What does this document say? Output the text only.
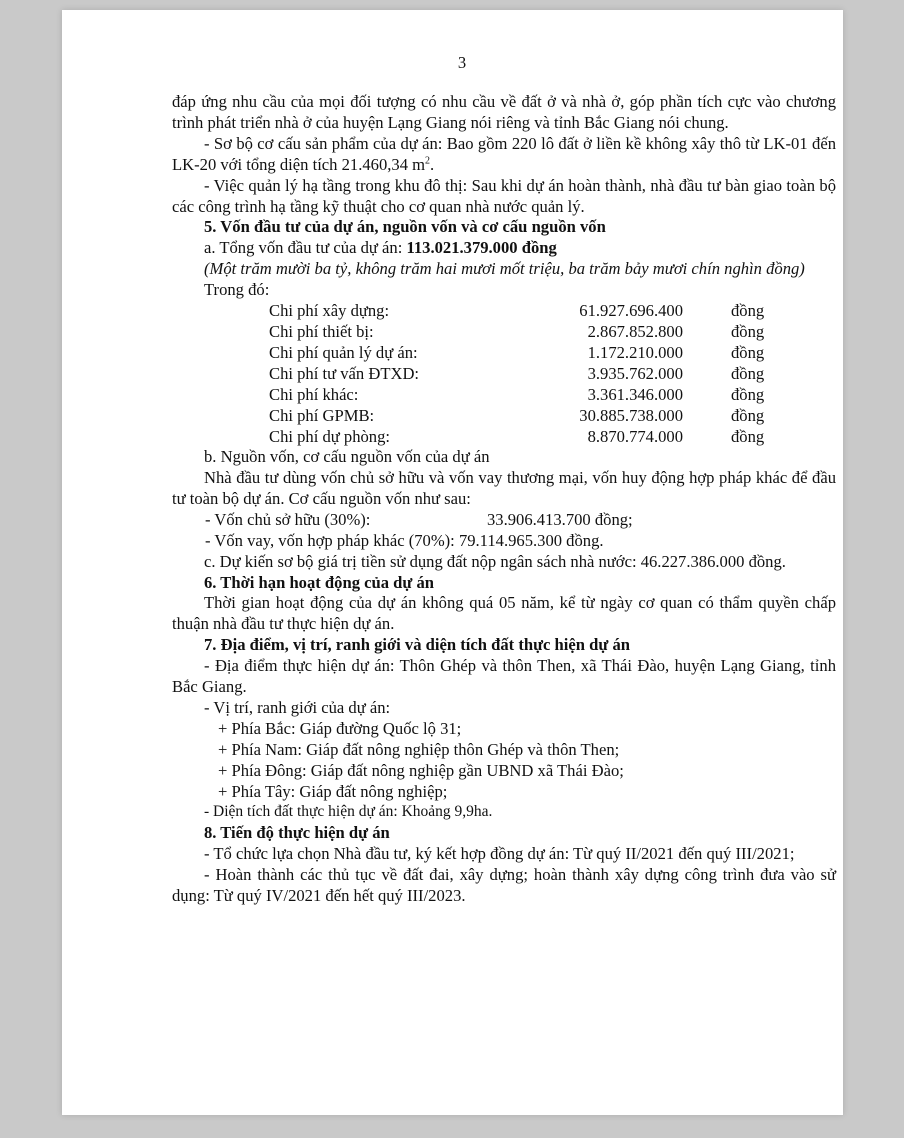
3

đáp ứng nhu cầu của mọi đối tượng có nhu cầu về đất ở và nhà ở, góp phần tích cực vào chương trình phát triển nhà ở của huyện Lạng Giang nói riêng và tỉnh Bắc Giang nói chung.

- Sơ bộ cơ cấu sản phẩm của dự án: Bao gồm 220 lô đất ở liền kề không xây thô từ LK-01 đến LK-20 với tổng diện tích 21.460,34 $m^2$.

- Việc quản lý hạ tầng trong khu đô thị: Sau khi dự án hoàn thành, nhà đầu tư bàn giao toàn bộ các công trình hạ tầng kỹ thuật cho cơ quan nhà nước quản lý.

5. Vốn đầu tư của dự án, nguồn vốn và cơ cấu nguồn vốn

a. Tổng vốn đầu tư của dự án: 113.021.379.000 đồng

(Một trăm mười ba tỷ, không trăm hai mươi mốt triệu, ba trăm bảy mươi chín nghìn đồng)

Trong đó:

Chi phí xây dựng:	61.927.696.400	đồng
Chi phí thiết bị:	2.867.852.800	đồng
Chi phí quản lý dự án:	1.172.210.000	đồng
Chi phí tư vấn ĐTXD:	3.935.762.000	đồng
Chi phí khác:	3.361.346.000	đồng
Chi phí GPMB:	30.885.738.000	đồng
Chi phí dự phòng:	8.870.774.000	đồng

b. Nguồn vốn, cơ cấu nguồn vốn của dự án

Nhà đầu tư dùng vốn chủ sở hữu và vốn vay thương mại, vốn huy động hợp pháp khác để đầu tư toàn bộ dự án. Cơ cấu nguồn vốn như sau:

- Vốn chủ sở hữu (30%):	33.906.413.700 đồng;

- Vốn vay, vốn hợp pháp khác (70%): 79.114.965.300 đồng.

c. Dự kiến sơ bộ giá trị tiền sử dụng đất nộp ngân sách nhà nước: 46.227.386.000 đồng.

6. Thời hạn hoạt động của dự án

Thời gian hoạt động của dự án không quá 05 năm, kể từ ngày cơ quan có thẩm quyền chấp thuận nhà đầu tư thực hiện dự án.

7. Địa điểm, vị trí, ranh giới và diện tích đất thực hiện dự án

- Địa điểm thực hiện dự án: Thôn Ghép và thôn Then, xã Thái Đào, huyện Lạng Giang, tỉnh Bắc Giang.

- Vị trí, ranh giới của dự án:

+ Phía Bắc: Giáp đường Quốc lộ 31;

+ Phía Nam: Giáp đất nông nghiệp thôn Ghép và thôn Then;

+ Phía Đông: Giáp đất nông nghiệp gần UBND xã Thái Đào;

+ Phía Tây: Giáp đất nông nghiệp;

- Diện tích đất thực hiện dự án: Khoảng 9,9ha.

8. Tiến độ thực hiện dự án

- Tổ chức lựa chọn Nhà đầu tư, ký kết hợp đồng dự án: Từ quý II/2021 đến quý III/2021;

- Hoàn thành các thủ tục về đất đai, xây dựng; hoàn thành xây dựng công trình đưa vào sử dụng: Từ quý IV/2021 đến hết quý III/2023.
